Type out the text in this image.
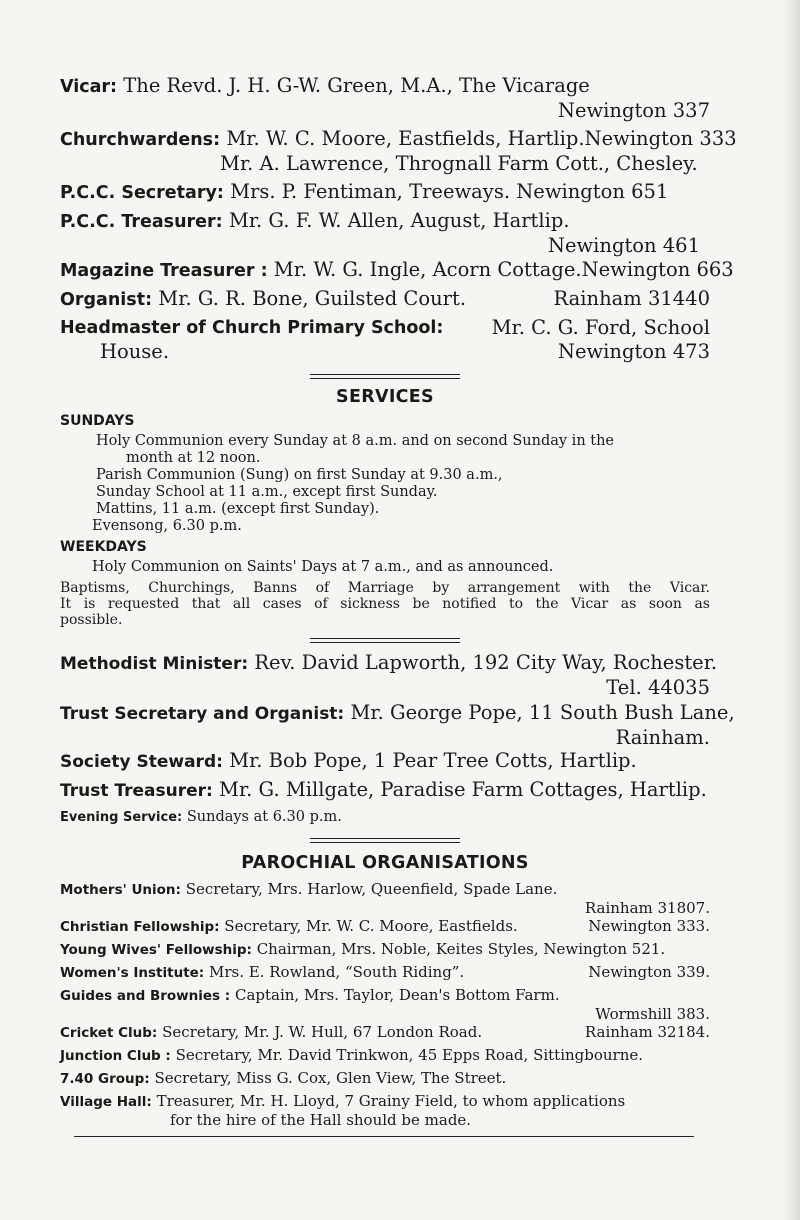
Vicar: The Revd. J. H. G-W. Green, M.A., The Vicarage
Newington 337
Churchwardens: Mr. W. C. Moore, Eastfields, Hartlip. Newington 333
Mr. A. Lawrence, Thrognall Farm Cott., Chesley.
P.C.C. Secretary: Mrs. P. Fentiman, Treeways. Newington 651
P.C.C. Treasurer: Mr. G. F. W. Allen, August, Hartlip.
Newington 461
Magazine Treasurer : Mr. W. G. Ingle, Acorn Cottage. Newington 663
Organist: Mr. G. R. Bone, Guilsted Court.	Rainham 31440
Headmaster of Church Primary School: Mr. C. G. Ford, School
House.	Newington 473
SERVICES
SUNDAYS
Holy Communion every Sunday at 8 a.m. and on second Sunday in the
month at 12 noon.
Parish Communion (Sung) on first Sunday at 9.30 a.m.,
Sunday School at 11 a.m., except first Sunday.
Mattins, 11 a.m. (except first Sunday).
Evensong, 6.30 p.m.
WEEKDAYS
Holy Communion on Saints' Days at 7 a.m., and as announced.
Baptisms, Churchings, Banns of Marriage by arrangement with the Vicar.
It is requested that all cases of sickness be notified to the Vicar as soon as
possible.
Methodist Minister: Rev. David Lapworth, 192 City Way, Rochester.
Tel. 44035
Trust Secretary and Organist: Mr. George Pope, 11 South Bush Lane,
Rainham.
Society Steward: Mr. Bob Pope, 1 Pear Tree Cotts, Hartlip.
Trust Treasurer: Mr. G. Millgate, Paradise Farm Cottages, Hartlip.
Evening Service: Sundays at 6.30 p.m.
PAROCHIAL ORGANISATIONS
Mothers' Union: Secretary, Mrs. Harlow, Queenfield, Spade Lane.
Rainham 31807.
Christian Fellowship: Secretary, Mr. W. C. Moore, Eastfields.	Newington 333.
Young Wives' Fellowship: Chairman, Mrs. Noble, Keites Styles, Newington 521.
Women's Institute: Mrs. E. Rowland, “South Riding”.	Newington 339.
Guides and Brownies : Captain, Mrs. Taylor, Dean's Bottom Farm.
Wormshill 383.
Cricket Club: Secretary, Mr. J. W. Hull, 67 London Road.	Rainham 32184.
Junction Club : Secretary, Mr. David Trinkwon, 45 Epps Road, Sittingbourne.
7.40 Group: Secretary, Miss G. Cox, Glen View, The Street.
Village Hall: Treasurer, Mr. H. Lloyd, 7 Grainy Field, to whom applications
for the hire of the Hall should be made.
